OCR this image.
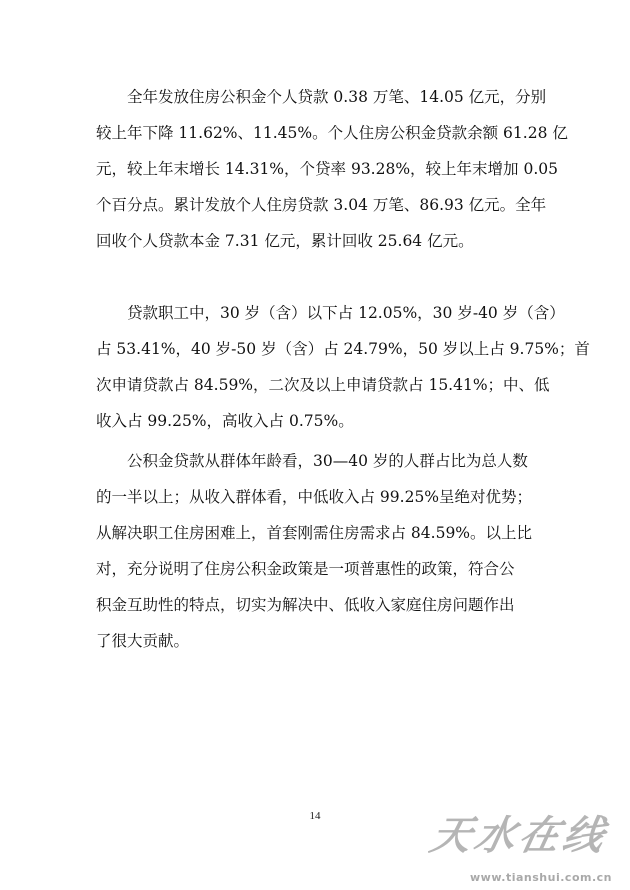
全年发放住房公积金个人贷款 0.38 万笔、14.05 亿元，分别
较上年下降 11.62%、11.45%。个人住房公积金贷款余额 61.28 亿
元，较上年末增长 14.31%，个贷率 93.28%，较上年末增加 0.05
个百分点。累计发放个人住房贷款 3.04 万笔、86.93 亿元。全年
回收个人贷款本金 7.31 亿元，累计回收 25.64 亿元。
贷款职工中，30 岁（含）以下占 12.05%，30 岁-40 岁（含）
占 53.41%，40 岁-50 岁（含）占 24.79%，50 岁以上占 9.75%；首
次申请贷款占 84.59%，二次及以上申请贷款占 15.41%；中、低
收入占 99.25%，高收入占 0.75%。
公积金贷款从群体年龄看，30—40 岁的人群占比为总人数
的一半以上；从收入群体看，中低收入占 99.25%呈绝对优势；
从解决职工住房困难上，首套刚需住房需求占 84.59%。以上比
对，充分说明了住房公积金政策是一项普惠性的政策，符合公
积金互助性的特点，切实为解决中、低收入家庭住房问题作出
了很大贡献。
14	天水在线
www.tianshui.com.cn
